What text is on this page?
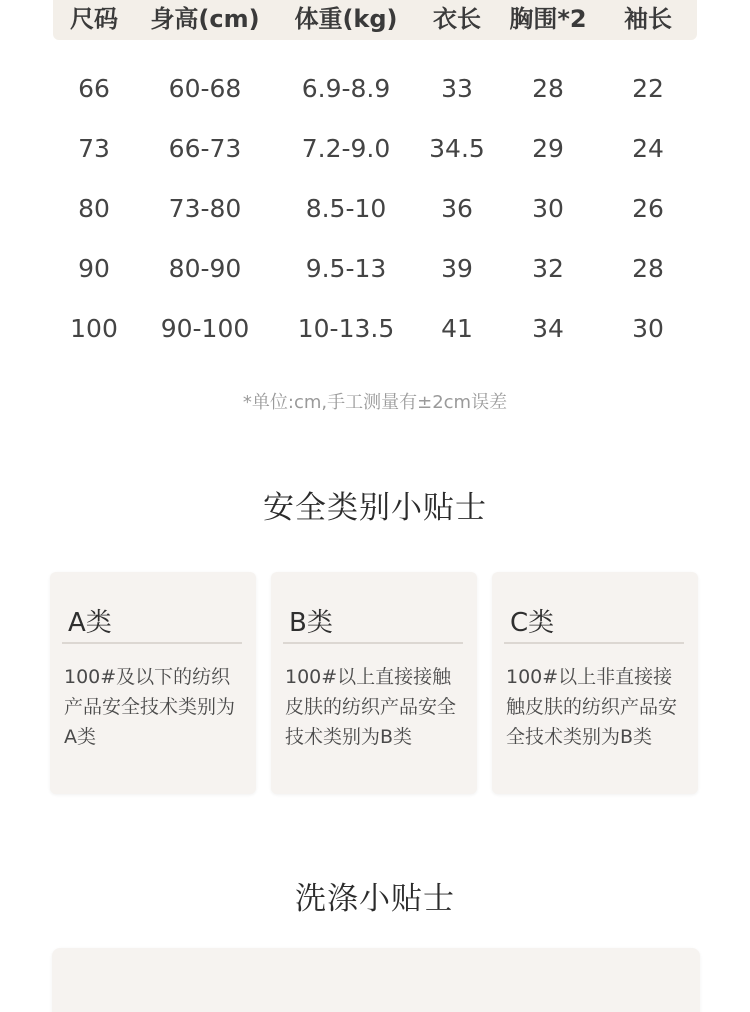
尺码	身高(cm)	体重(kg)	衣长	胸围*2	袖长
66	60-68	6.9-8.9	33	28	22
73	66-73	7.2-9.0	34.5	29	24
80	73-80	8.5-10	36	30	26
90	80-90	9.5-13	39	32	28
100	90-100	10-13.5	41	34	30
*单位:cm,手工测量有±2cm误差
安全类别小贴士
A类
100#及以下的纺织产品安全技术类别为A类
B类
100#以上直接接触皮肤的纺织产品安全技术类别为B类
C类
100#以上非直接接触皮肤的纺织产品安全技术类别为B类
洗涤小贴士
